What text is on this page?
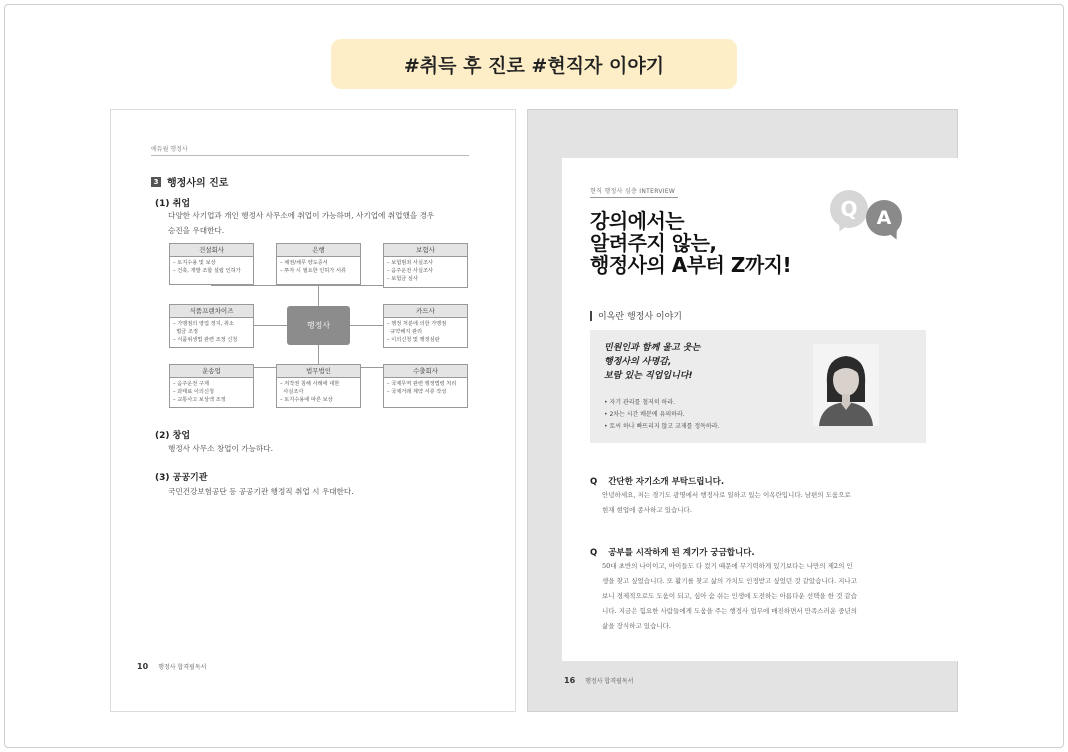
#취득 후 진로 #현직자 이야기
에듀윌 행정사
3 행정사의 진로
(1) 취업
다양한 사기업과 개인 행정사 사무소에 취업이 가능하며, 사기업에 취업했을 경우
승진을 우대한다.
건설회사
– 토지수용 및 보상
– 건축, 개발 조합 설립 인허가
은행
– 채권/채무 양도증서
– 투자 시 필요한 인허가 서류
보험사
– 보험범죄 사실조사
– 음주운전 사실조사
– 보험금 심사
식품프랜차이즈
– 가맹점의 영업 정지, 취소
벌금 조정
– 식품위생법 관련 조정 신청
행정사
카드사
– 행정 처분에 의한 가맹점
규약해지 관리
– 이의신청 및 행정심판
운송업
– 음주운전 구제
– 과태료 이의신청
– 교통사고 보상액 조정
법무법인
– 저작권 침해 사례에 대한
사실조사
– 토지수용에 따른 보상
수출회사
– 국제무역 관련 행정법령 처리
– 국제거래 계약 서류 작성
(2) 창업
행정사 사무소 창업이 가능하다.
(3) 공공기관
국민건강보험공단 등 공공기관 행정직 취업 시 우대한다.
10 행정사 합격필독서
현직 행정사 심층 INTERVIEW
강의에서는
알려주지 않는,
행정사의 A부터 Z까지!
Q	A
이옥란 행정사 이야기
민원인과 함께 울고 웃는
행정사의 사명감,
보람 있는 직업입니다!
• 자기 관리를 철저히 하라.
• 2차는 시간 배분에 유의하라.
• 토씨 하나 빠뜨리지 않고 교재를 정독하라.
Q 간단한 자기소개 부탁드립니다.
안녕하세요, 저는 경기도 광명에서 행정사로 일하고 있는 이옥란입니다. 남편의 도움으로
현재 현업에 종사하고 있습니다.
Q 공부를 시작하게 된 계기가 궁금합니다.
50대 초반의 나이이고, 아이들도 다 컸기 때문에 무기력하게 있기보다는 나만의 제2의 인
생을 찾고 싶었습니다. 또 활기를 찾고 삶의 가치도 인정받고 싶었던 것 같았습니다. 지나고
보니 경제적으로도 도움이 되고, 심아 숨 쉬는 인생에 도전하는 아름다운 선택을 한 것 같습
니다. 지금은 힘요한 사람들에게 도움을 주는 행정사 업무에 매진하면서 만족스러운 중년의
삶을 장식하고 있습니다.
16 행정사 합격필독서
